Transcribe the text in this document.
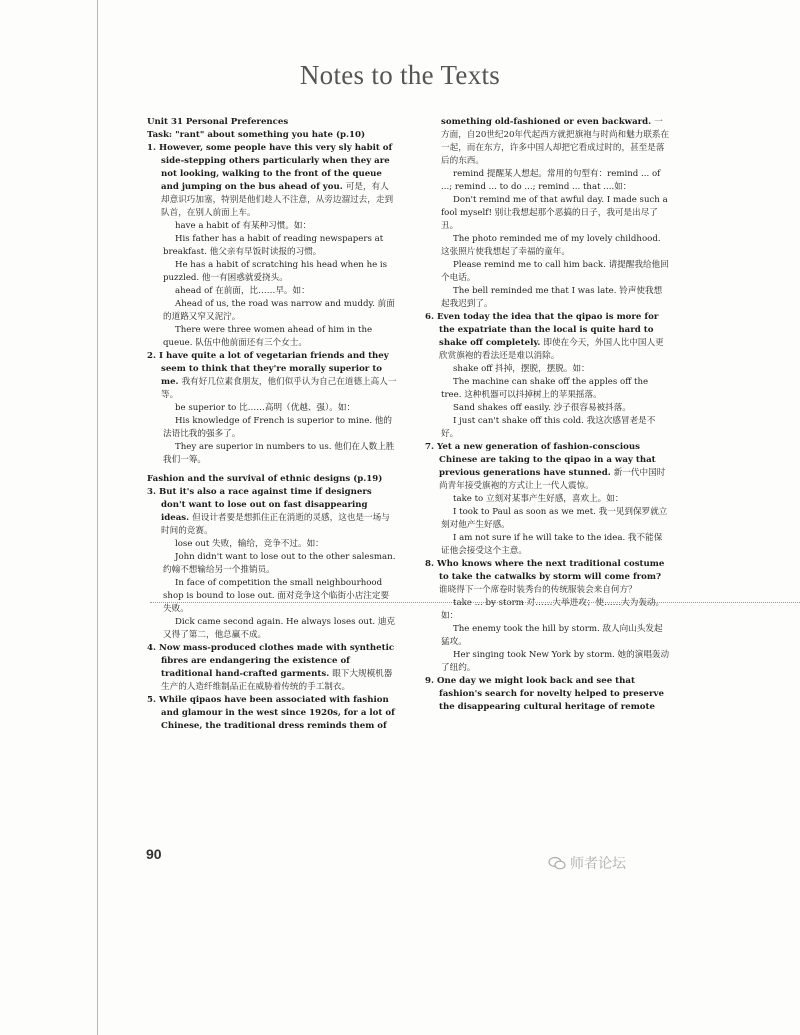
Notes to the Texts
Unit 31 Personal Preferences
Task: "rant" about something you hate (p.10)
1. However, some people have this very sly habit of side-stepping others particularly when they are not looking, walking to the front of the queue and jumping on the bus ahead of you. 可是，有人却意识巧加塞，特别是他们趁人不注意，从旁边溜过去，走到队首，在别人前面上车。
have a habit of 有某种习惯。如：
His father has a habit of reading newspapers at breakfast. 他父亲有早饭时读报的习惯。
He has a habit of scratching his head when he is puzzled. 他一有困惑就爱挠头。
ahead of 在前面，比……早。如：
Ahead of us, the road was narrow and muddy. 前面的道路又窄又泥泞。
There were three women ahead of him in the queue. 队伍中他前面还有三个女士。
2. I have quite a lot of vegetarian friends and they seem to think that they're morally superior to me. 我有好几位素食朋友，他们似乎认为自己在道德上高人一等。
be superior to 比……高明（优越、强）。如：
His knowledge of French is superior to mine. 他的法语比我的强多了。
They are superior in numbers to us. 他们在人数上胜我们一筹。
Fashion and the survival of ethnic designs (p.19)
3. But it's also a race against time if designers don't want to lose out on fast disappearing ideas. 但设计者要是想抓住正在消逝的灵感，这也是一场与时间的竞赛。
lose out 失败，输给，竞争不过。如：
John didn't want to lose out to the other salesman. 约翰不想输给另一个推销员。
In face of competition the small neighbourhood shop is bound to lose out. 面对竞争这个临街小店注定要失败。
Dick came second again. He always loses out. 迪克又得了第二，他总赢不成。
4. Now mass-produced clothes made with synthetic fibres are endangering the existence of traditional hand-crafted garments. 眼下大规模机器生产的人造纤维制品正在威胁着传统的手工制衣。
5. While qipaos have been associated with fashion and glamour in the west since 1920s, for a lot of Chinese, the traditional dress reminds them of
something old-fashioned or even backward. 一方面，自20世纪20年代起西方就把旗袍与时尚和魅力联系在一起，而在东方，许多中国人却把它看成过时的，甚至是落后的东西。
remind 提醒某人想起。常用的句型有：remind ... of ...; remind ... to do ...; remind ... that ....如：
Don't remind me of that awful day. I made such a fool myself! 别让我想起那个恶搞的日子，我可是出尽了丑。
The photo reminded me of my lovely childhood. 这张照片使我想起了幸福的童年。
Please remind me to call him back. 请提醒我给他回个电话。
The bell reminded me that I was late. 铃声使我想起我迟到了。
6. Even today the idea that the qipao is more for the expatriate than the local is quite hard to shake off completely. 即使在今天，外国人比中国人更欣赏旗袍的看法还是难以消除。
shake off 抖掉，摆脱，摆脱。如：
The machine can shake off the apples off the tree. 这种机器可以抖掉树上的苹果摇落。
Sand shakes off easily. 沙子很容易被抖落。
I just can't shake off this cold. 我这次感冒老是不好。
7. Yet a new generation of fashion-conscious Chinese are taking to the qipao in a way that previous generations have stunned. 新一代中国时尚青年接受旗袍的方式让上一代人震惊。
take to 立刻对某事产生好感，喜欢上。如：
I took to Paul as soon as we met. 我一见到保罗就立刻对他产生好感。
I am not sure if he will take to the idea. 我不能保证他会接受这个主意。
8. Who knows where the next traditional costume to take the catwalks by storm will come from? 谁晓得下一个席卷时装秀台的传统服装会来自何方？
take ... by storm 对……大举进攻；使……大为轰动。如：
The enemy took the hill by storm. 敌人向山头发起猛攻。
Her singing took New York by storm. 她的演唱轰动了纽约。
9. One day we might look back and see that fashion's search for novelty helped to preserve the disappearing cultural heritage of remote
90
师者论坛
